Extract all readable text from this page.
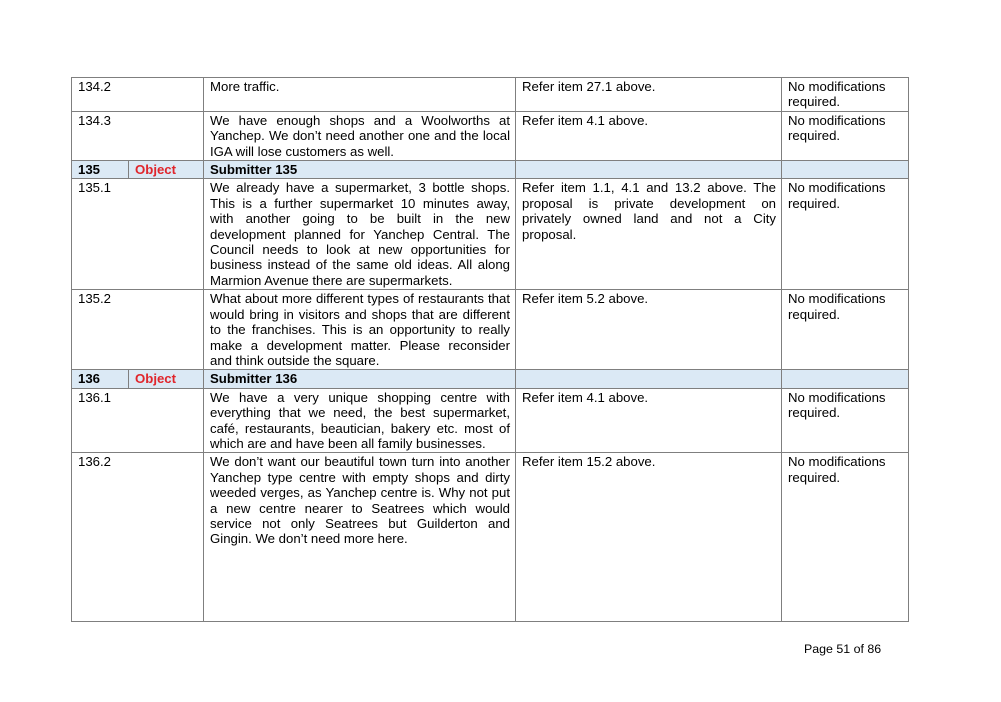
134.2		More traffic.	Refer item 27.1 above.	No modifications required.
134.3		We have enough shops and a Woolworths at Yanchep. We don’t need another one and the local IGA will lose customers as well.	Refer item 4.1 above.	No modifications required.
135	Object	Submitter 135		
135.1		We already have a supermarket, 3 bottle shops. This is a further supermarket 10 minutes away, with another going to be built in the new development planned for Yanchep Central. The Council needs to look at new opportunities for business instead of the same old ideas. All along Marmion Avenue there are supermarkets.	Refer item 1.1, 4.1 and 13.2 above. The proposal is private development on privately owned land and not a City proposal.	No modifications required.
135.2		What about more different types of restaurants that would bring in visitors and shops that are different to the franchises. This is an opportunity to really make a development matter. Please reconsider and think outside the square.	Refer item 5.2 above.	No modifications required.
136	Object	Submitter 136		
136.1		We have a very unique shopping centre with everything that we need, the best supermarket, café, restaurants, beautician, bakery etc. most of which are and have been all family businesses.	Refer item 4.1 above.	No modifications required.
136.2		We don’t want our beautiful town turn into another Yanchep type centre with empty shops and dirty weeded verges, as Yanchep centre is. Why not put a new centre nearer to Seatrees which would service not only Seatrees but Guilderton and Gingin. We don’t need more here.	Refer item 15.2 above.	No modifications required.
Page 51 of 86
